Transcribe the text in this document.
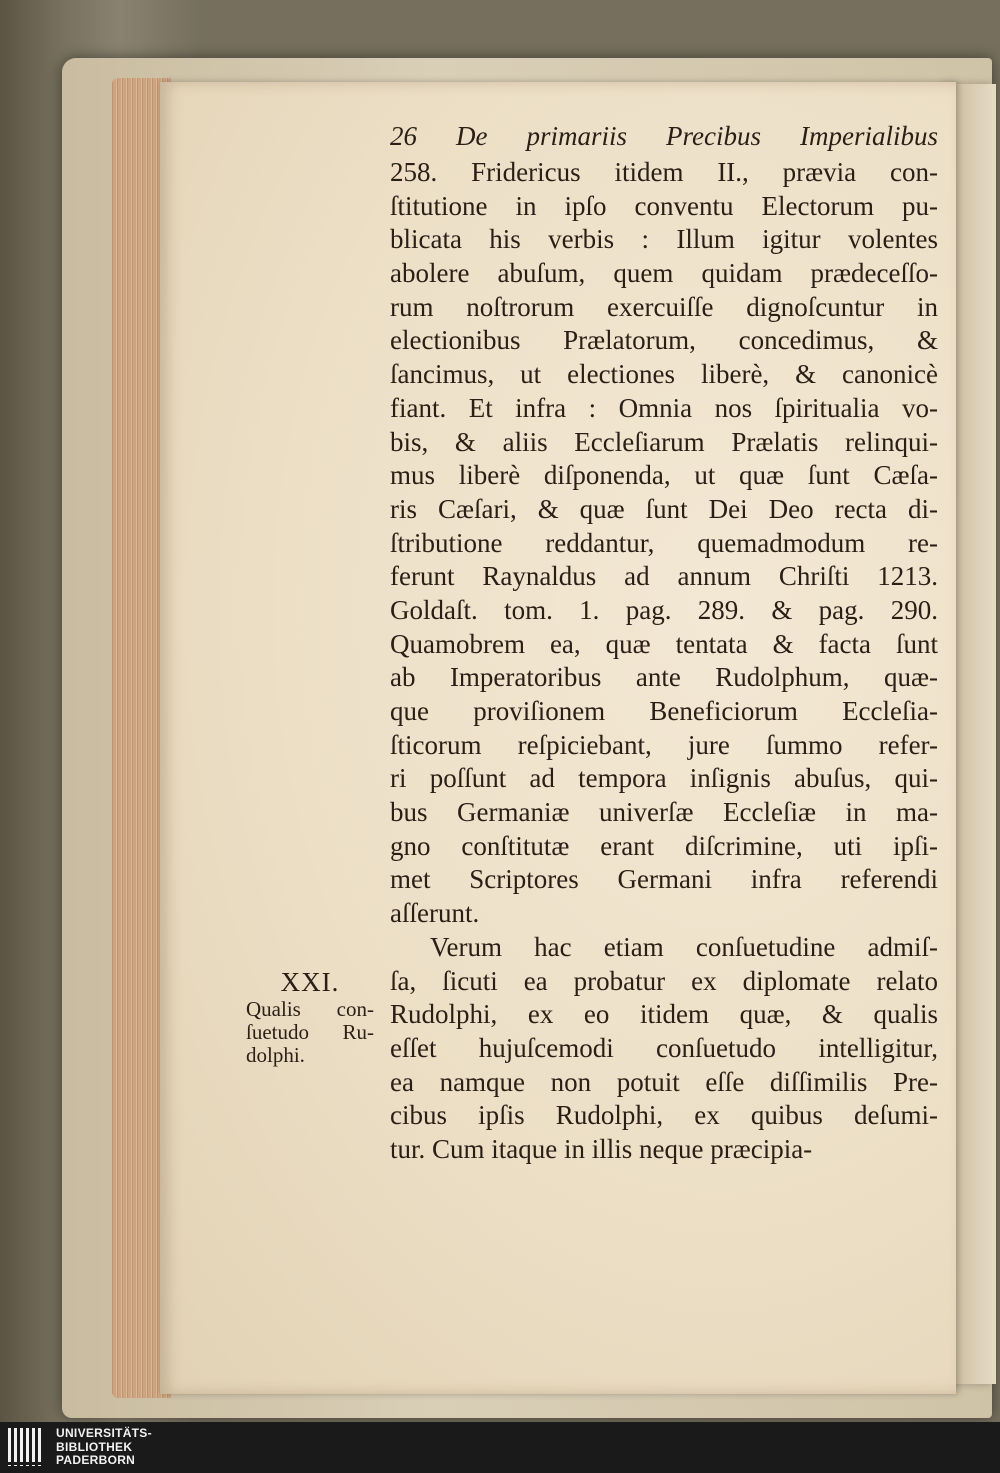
26 De primariis Precibus Imperialibus
258. Fridericus itidem II., prævia con-
ſtitutione in ipſo conventu Electorum pu-
blicata his verbis : Illum igitur volentes
abolere abuſum, quem quidam prædeceſſo-
rum noſtrorum exercuiſſe dignoſcuntur in
electionibus Prælatorum, concedimus, &
ſancimus, ut electiones liberè, & canonicè
fiant. Et infra : Omnia nos ſpiritualia vo-
bis, & aliis Eccleſiarum Prælatis relinqui-
mus liberè diſponenda, ut quæ ſunt Cæſa-
ris Cæſari, & quæ ſunt Dei Deo recta di-
ſtributione reddantur, quemadmodum re-
ferunt Raynaldus ad annum Chriſti 1213.
Goldaſt. tom. 1. pag. 289. & pag. 290.
Quamobrem ea, quæ tentata & facta ſunt
ab Imperatoribus ante Rudolphum, quæ-
que proviſionem Beneficiorum Eccleſia-
ſticorum reſpiciebant, jure ſummo refer-
ri poſſunt ad tempora inſignis abuſus, qui-
bus Germaniæ univerſæ Eccleſiæ in ma-
gno conſtitutæ erant diſcrimine, uti ipſi-
met Scriptores Germani infra referendi
aſſerunt.
Verum hac etiam conſuetudine admiſ-
ſa, ſicuti ea probatur ex diplomate relato
Rudolphi, ex eo itidem quæ, & qualis
eſſet hujuſcemodi conſuetudo intelligitur,
ea namque non potuit eſſe diſſimilis Pre-
cibus ipſis Rudolphi, ex quibus deſumi-
tur. Cum itaque in illis neque præcipia-
XXI.
Qualis con-
ſuetudo Ru-
dolphi.
UNIVERSITÄTS-
BIBLIOTHEK
PADERBORN
